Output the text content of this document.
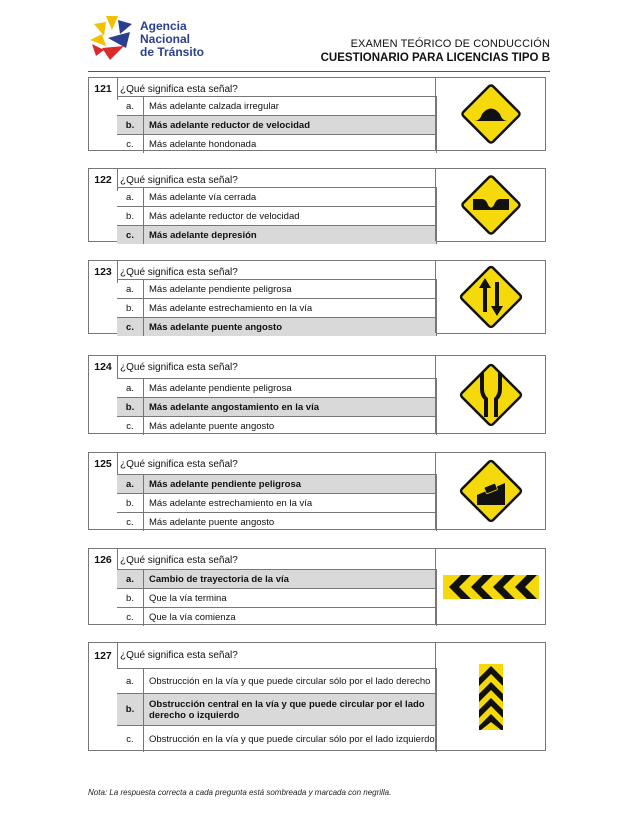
Agencia
Nacional
de Tránsito
EXAMEN TEÓRICO DE CONDUCCIÓN
CUESTIONARIO PARA LICENCIAS TIPO B
121 ¿Qué significa esta señal?
a.	Más adelante calzada irregular
b.	Más adelante reductor de velocidad
c.	Más adelante hondonada
122 ¿Qué significa esta señal?
a.	Más adelante vía cerrada
b.	Más adelante reductor de velocidad
c.	Más adelante depresión
123 ¿Qué significa esta señal?
a.	Más adelante pendiente peligrosa
b.	Más adelante estrechamiento en la vía
c.	Más adelante puente angosto
124 ¿Qué significa esta señal?
a.	Más adelante pendiente peligrosa
b.	Más adelante angostamiento en la vía
c.	Más adelante puente angosto
125 ¿Qué significa esta señal?
a.	Más adelante pendiente peligrosa
b.	Más adelante estrechamiento en la vía
c.	Más adelante puente angosto
126 ¿Qué significa esta señal?
a.	Cambio de trayectoria de la vía
b.	Que la vía termina
c.	Que la vía comienza
127 ¿Qué significa esta señal?
a.	Obstrucción en la vía y que puede circular sólo por el lado derecho
b.	Obstrucción central en la vía y que puede circular por el lado derecho o izquierdo
c.	Obstrucción en la vía y que puede circular sólo por el lado izquierdo
Nota: La respuesta correcta a cada pregunta está sombreada y marcada con negrilla.
